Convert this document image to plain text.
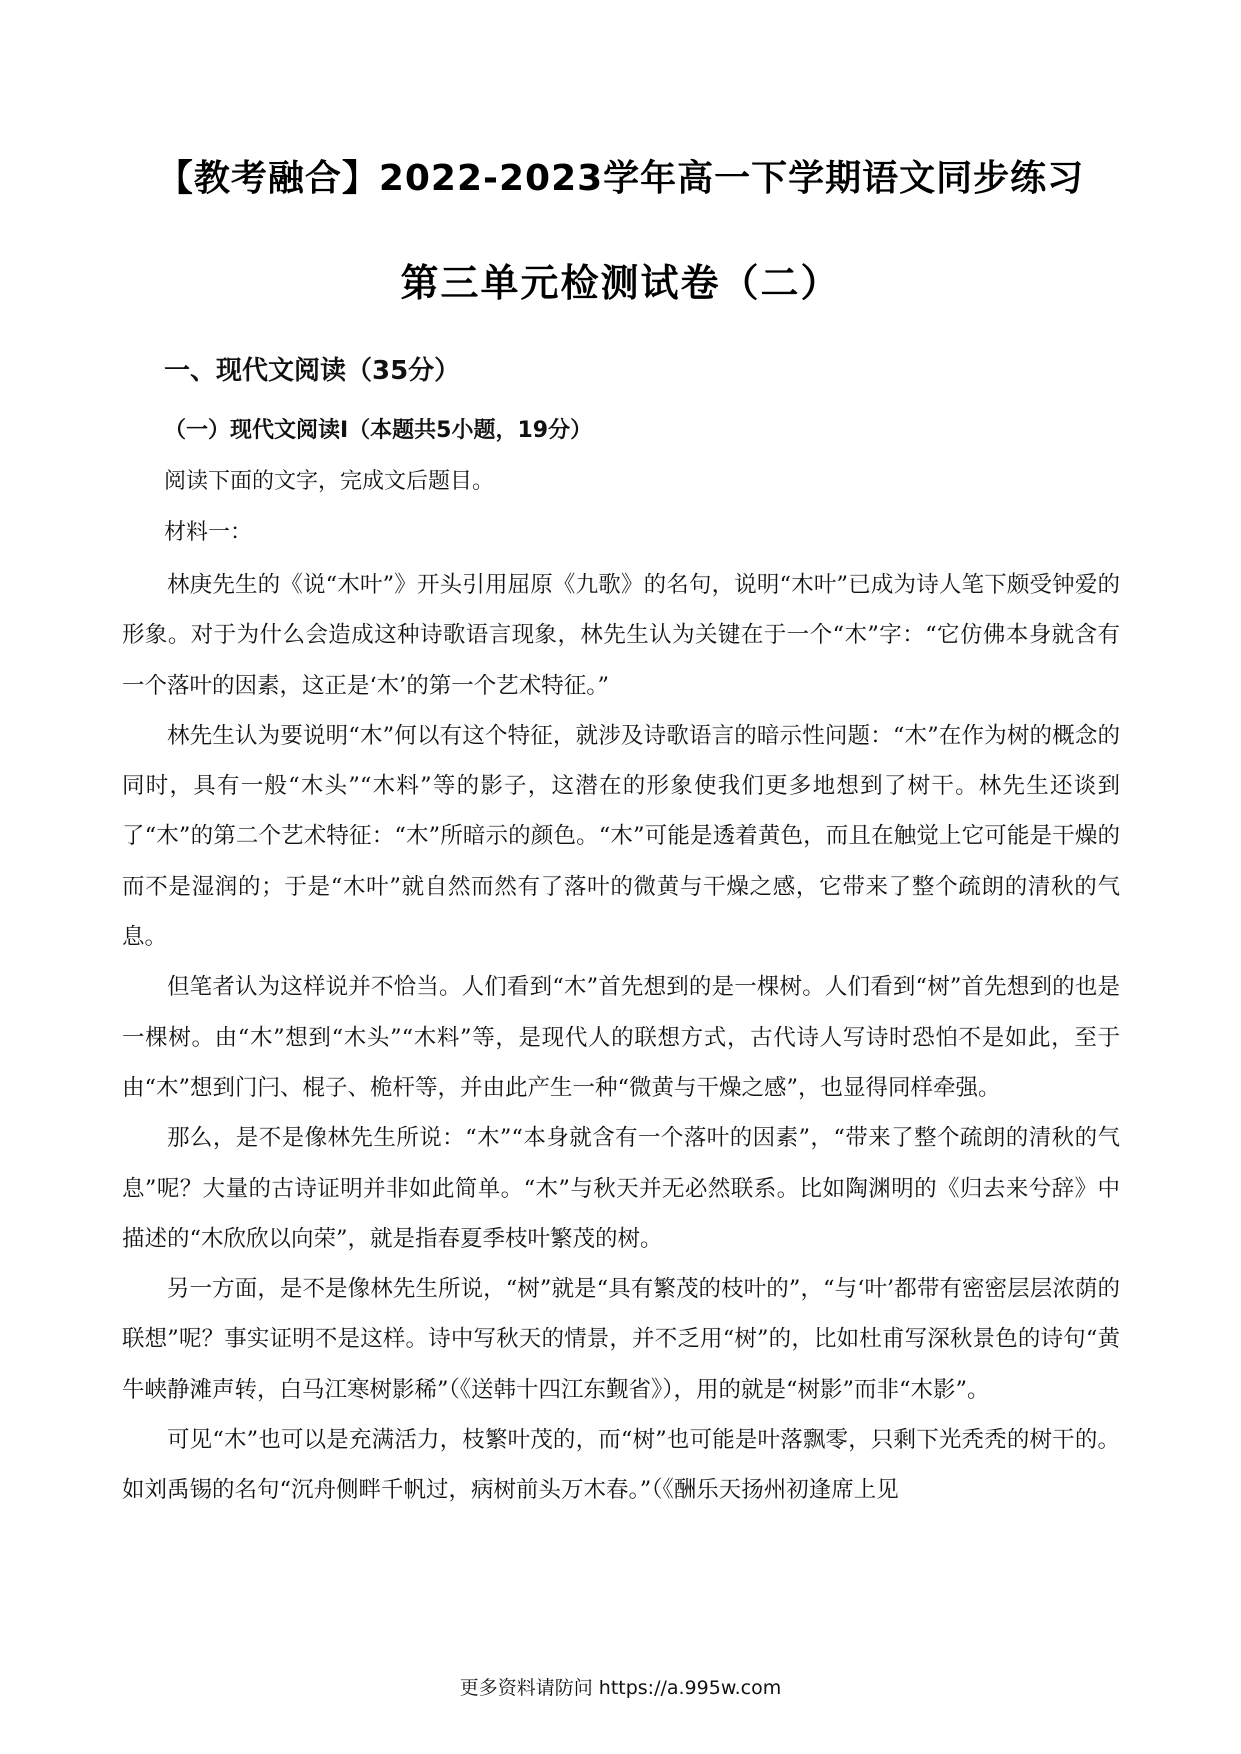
【教考融合】2022-2023学年高一下学期语文同步练习
第三单元检测试卷（二）
一、现代文阅读（35分）
（一）现代文阅读Ⅰ（本题共5小题，19分）
阅读下面的文字，完成文后题目。
材料一：

林庚先生的《说“木叶”》开头引用屈原《九歌》的名句，说明“木叶”已成为诗人笔下颇受钟爱的形象。对于为什么会造成这种诗歌语言现象，林先生认为关键在于一个“木”字：“它仿佛本身就含有一个落叶的因素，这正是‘木’的第一个艺术特征。”

林先生认为要说明“木”何以有这个特征，就涉及诗歌语言的暗示性问题：“木”在作为树的概念的同时，具有一般“木头”“木料”等的影子，这潜在的形象使我们更多地想到了树干。林先生还谈到了“木”的第二个艺术特征：“木”所暗示的颜色。“木”可能是透着黄色，而且在触觉上它可能是干燥的而不是湿润的；于是“木叶”就自然而然有了落叶的微黄与干燥之感，它带来了整个疏朗的清秋的气息。

但笔者认为这样说并不恰当。人们看到“木”首先想到的是一棵树。人们看到“树”首先想到的也是一棵树。由“木”想到“木头”“木料”等，是现代人的联想方式，古代诗人写诗时恐怕不是如此，至于由“木”想到门闩、棍子、桅杆等，并由此产生一种“微黄与干燥之感”，也显得同样牵强。

那么，是不是像林先生所说：“木”“本身就含有一个落叶的因素”，“带来了整个疏朗的清秋的气息”呢？大量的古诗证明并非如此简单。“木”与秋天并无必然联系。比如陶渊明的《归去来兮辞》中描述的“木欣欣以向荣”，就是指春夏季枝叶繁茂的树。

另一方面，是不是像林先生所说，“树”就是“具有繁茂的枝叶的”，“与‘叶’都带有密密层层浓荫的联想”呢？事实证明不是这样。诗中写秋天的情景，并不乏用“树”的，比如杜甫写深秋景色的诗句“黄牛峡静滩声转，白马江寒树影稀”（《送韩十四江东觐省》），用的就是“树影”而非“木影”。

可见“木”也可以是充满活力，枝繁叶茂的，而“树”也可能是叶落飘零，只剩下光秃秃的树干的。如刘禹锡的名句“沉舟侧畔千帆过，病树前头万木春。”（《酬乐天扬州初逢席上见

更多资料请防问 https://a.995w.com
